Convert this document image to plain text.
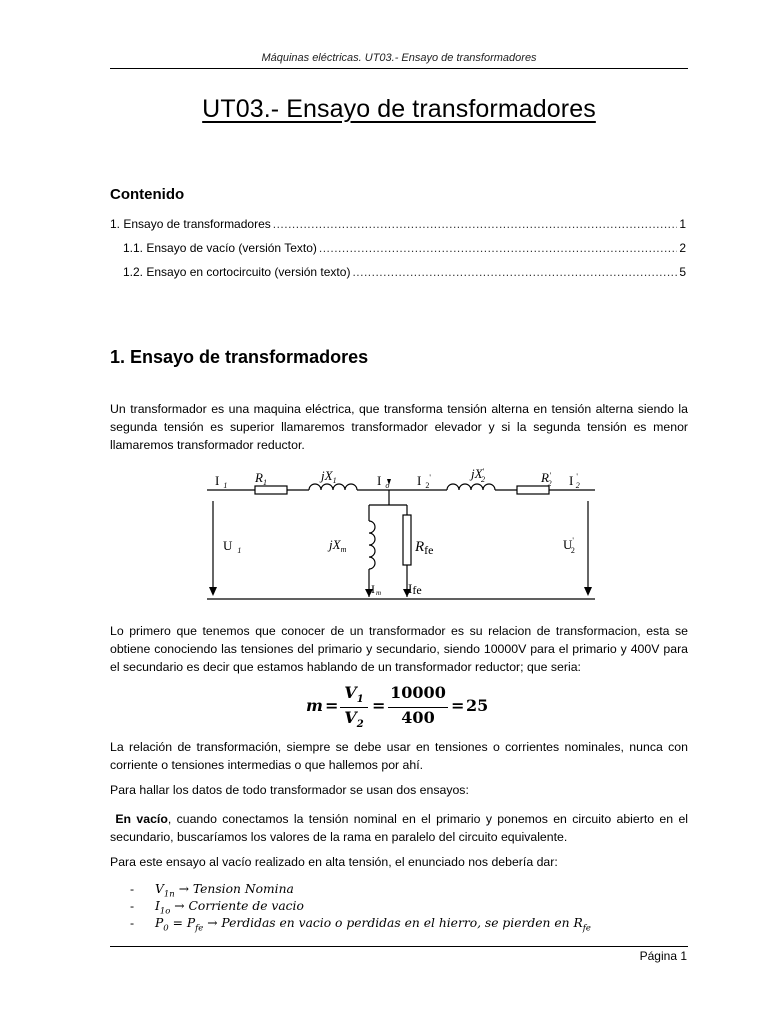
Máquinas eléctricas. UT03.- Ensayo de transformadores
UT03.- Ensayo de transformadores
Contenido
1. Ensayo de transformadores .....	1
1.1. Ensayo de vacío (versión Texto) .....	2
1.2. Ensayo en cortocircuito (versión texto) .....	5
1. Ensayo de transformadores

Un transformador es una maquina eléctrica, que transforma tensión alterna en tensión alterna siendo la segunda tensión es superior llamaremos transformador elevador y si la segunda tensión es menor llamaremos transformador reductor.

I $_1$
$R_1$	$jX_1$	I $_o$ I $_2$'	jX' 2	R' 2 I ' 2
U $_1$	$jX_m$	$R_{fe}$	U' 2
Im Ife

Lo primero que tenemos que conocer de un transformador es su relacion de transformacion, esta se obtiene conociendo las tensiones del primario y secundario, siendo 10000V para el primario y 400V para el secundario es decir que estamos hablando de un transformador reductor; que seria:

m =
$V_1$
$V_2$
=
10000
400
= 25

La relación de transformación, siempre se debe usar en tensiones o corrientes nominales, nunca con corriente o tensiones intermedias o que hallemos por ahí.

Para hallar los datos de todo transformador se usan dos ensayos:

En vacío, cuando conectamos la tensión nominal en el primario y ponemos en circuito abierto en el secundario, buscaríamos los valores de la rama en paralelo del circuito equivalente.

Para este ensayo al vacío realizado en alta tensión, el enunciado nos debería dar:

- $V_{1n}$ → Tension Nomina
- $I_{1o}$ → Corriente de vacio
- $P_0 = P_{fe}$ → Perdidas en vacio o perdidas en el hierro, se pierden en $R_{fe}$
Página 1
